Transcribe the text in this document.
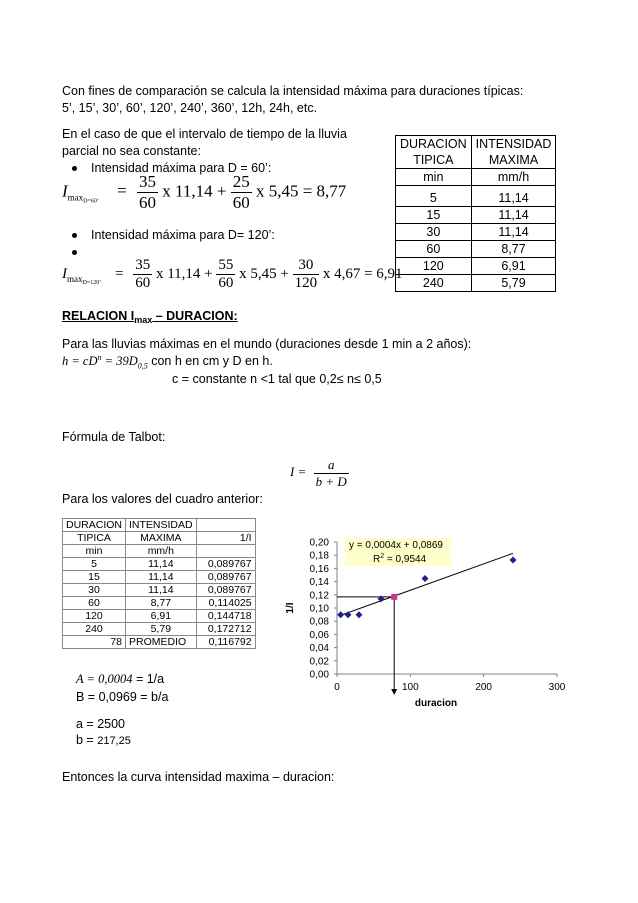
Con fines de comparación se calcula la intensidad máxima para duraciones típicas:
5’, 15’, 30’, 60’, 120’, 240’, 360’, 12h, 24h, etc.
En el caso de que el intervalo de tiempo de la lluvia
parcial no sea constante:
Intensidad máxima para D = 60’:
$I_{maxD=60’} = \frac{35}{60}$ x $11,14 + \frac{25}{60}$ x 5,45 = 8,77
Intensidad máxima para D= 120’:
$I_{maxD=120’} = \frac{35}{60}$ x $11,14 + \frac{55}{60}$ x $5,45 + \frac{30}{120}$ x 4,67 = 6,91
DURACION	INTENSIDAD
TIPICA	MAXIMA
min	mm/h
5	11,14
15	11,14
30	11,14
60	8,77
120	6,91
240	5,79
RELACION $I_{max}$ – DURACION:
Para las lluvias máximas en el mundo (duraciones desde 1 min a 2 años):
$h = cD^n = 39D_{0,5}$ con h en cm y D en h.
c = constante n <1 tal que 0,2≤ n≤ 0,5
Fórmula de Talbot:
$I = \frac{a}{b + D}$
Para los valores del cuadro anterior:
DURACION	INTENSIDAD	
TIPICA	MAXIMA	1/I
min	mm/h	
5	11,14	0,089767
15	11,14	0,089767
30	11,14	0,089767
60	8,77	0,114025
120	6,91	0,144718
240	5,79	0,172712
78	PROMEDIO	0,116792
0,00
0,02
0,04
0,06
0,08
0,10
0,12
0,14
0,16
0,18
0,20
0	100	200	300
y = 0,0004x + 0,0869
$R^2 = 0,9544$
duracion
1/I
A = 0,0004 = 1/a
B = 0,0969 = b/a
a = 2500
b = 217,25
Entonces la curva intensidad maxima – duracion:
